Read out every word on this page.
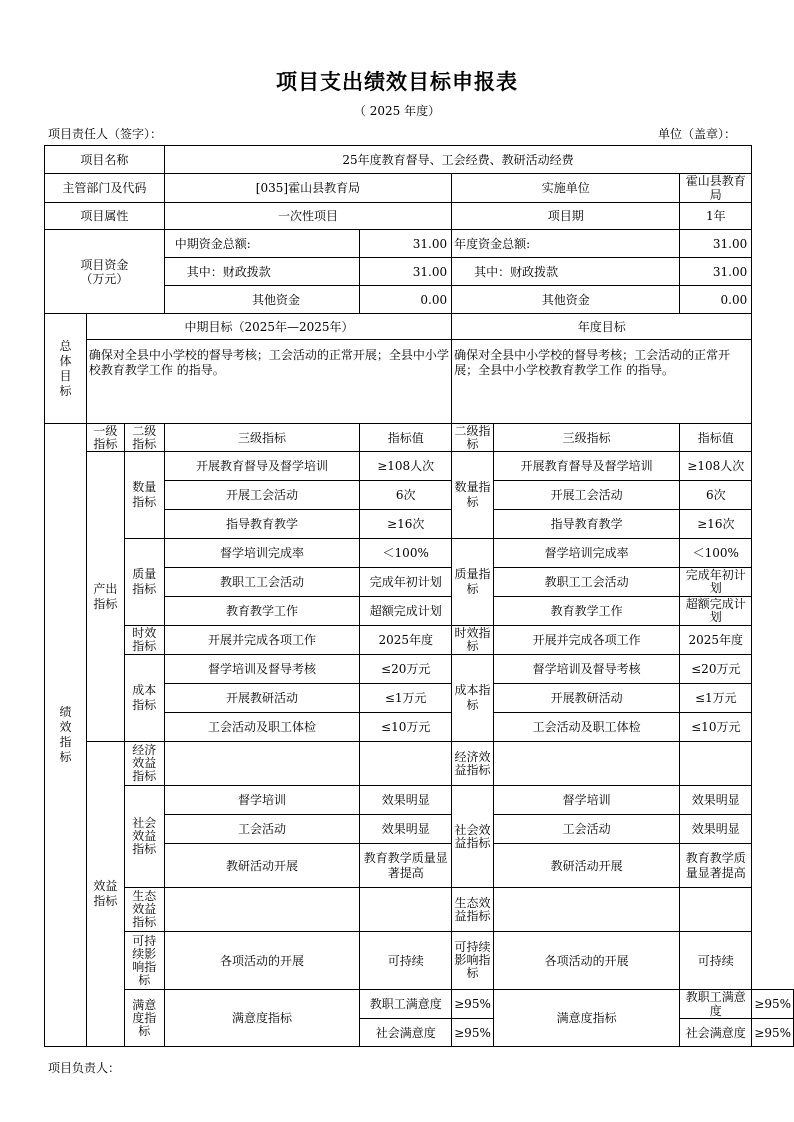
项目支出绩效目标申报表
（ 2025 年度）
项目责任人（签字）：	单位（盖章）：
项目名称			25年度教育督导、工会经费、教研活动经费					
主管部门及代码			[035]霍山县教育局		实施单位		霍山县教育局	
项目属性			一次性项目		项目期		1年	

项目资金
（万元）			中期资金总额:	31.00	年度资金总额:		31.00	
			其中：财政拨款	31.00	其中：财政拨款		31.00	
			其他资金	0.00	其他资金		0.00	

总体目标	中期目标（2025年—2025年）				年度目标			
	确保对全县中小学校的督导考核；工会活动的正常开展；全县中小学校教育教学工作 的指导。				确保对全县中小学校的督导考核；工会活动的正常开展；全县中小学校教育教学工作 的指导。			

绩效指标	一级指标	二级指标	三级指标	指标值	二级指标	三级指标	指标值	
	产出指标	数量指标	开展教育督导及督学培训	≥108人次	数量指标	开展教育督导及督学培训	≥108人次	
			开展工会活动	6次		开展工会活动	6次	
			指导教育教学	≥16次		指导教育教学	≥16次	
		质量指标	督学培训完成率	＜100%	质量指标	督学培训完成率	＜100%	
			教职工工会活动	完成年初计划		教职工工会活动	完成年初计划	
			教育教学工作	超额完成计划		教育教学工作	超额完成计划	
		时效指标	开展并完成各项工作	2025年度	时效指标	开展并完成各项工作	2025年度	
		成本指标	督学培训及督导考核	≤20万元	成本指标	督学培训及督导考核	≤20万元	
			开展教研活动	≤1万元		开展教研活动	≤1万元	
			工会活动及职工体检	≤10万元		工会活动及职工体检	≤10万元	
	效益指标	经济效益指标			经济效益指标			
		社会效益指标	督学培训	效果明显	社会效益指标	督学培训	效果明显	
			工会活动	效果明显		工会活动	效果明显	
			教研活动开展	教育教学质量显著提高		教研活动开展	教育教学质量显著提高	
		生态效益指标			生态效益指标			
		可持续影响指标	各项活动的开展	可持续	可持续影响指标	各项活动的开展	可持续	
		满意度指标	满意度指标	教职工满意度	≥95%	满意度指标	教职工满意度	≥95%
				社会满意度	≥95%		社会满意度	≥95%
项目负责人：
